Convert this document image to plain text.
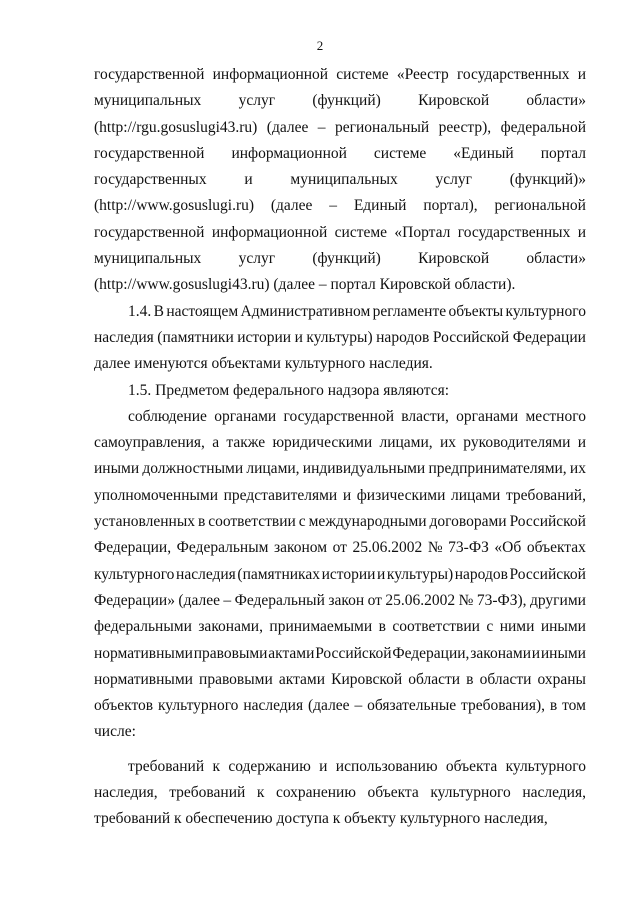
2
государственной информационной системе «Реестр государственных и
муниципальных услуг (функций) Кировской области»
(http://rgu.gosuslugi43.ru) (далее – региональный реестр), федеральной
государственной информационной системе «Единый портал
государственных и муниципальных услуг (функций)»
(http://www.gosuslugi.ru) (далее – Единый портал), региональной
государственной информационной системе «Портал государственных и
муниципальных услуг (функций) Кировской области»
(http://www.gosuslugi43.ru) (далее – портал Кировской области).
1.4. В настоящем Административном регламенте объекты культурного
наследия (памятники истории и культуры) народов Российской Федерации
далее именуются объектами культурного наследия.
1.5. Предметом федерального надзора являются:
соблюдение органами государственной власти, органами местного
самоуправления, а также юридическими лицами, их руководителями и
иными должностными лицами, индивидуальными предпринимателями, их
уполномоченными представителями и физическими лицами требований,
установленных в соответствии с международными договорами Российской
Федерации, Федеральным законом от 25.06.2002 № 73-ФЗ «Об объектах
культурного наследия (памятниках истории и культуры) народов Российской
Федерации» (далее – Федеральный закон от 25.06.2002 № 73-ФЗ), другими
федеральными законами, принимаемыми в соответствии с ними иными
нормативными правовыми актами Российской Федерации, законами и иными
нормативными правовыми актами Кировской области в области охраны
объектов культурного наследия (далее – обязательные требования), в том
числе:
требований к содержанию и использованию объекта культурного
наследия, требований к сохранению объекта культурного наследия,
требований к обеспечению доступа к объекту культурного наследия,
